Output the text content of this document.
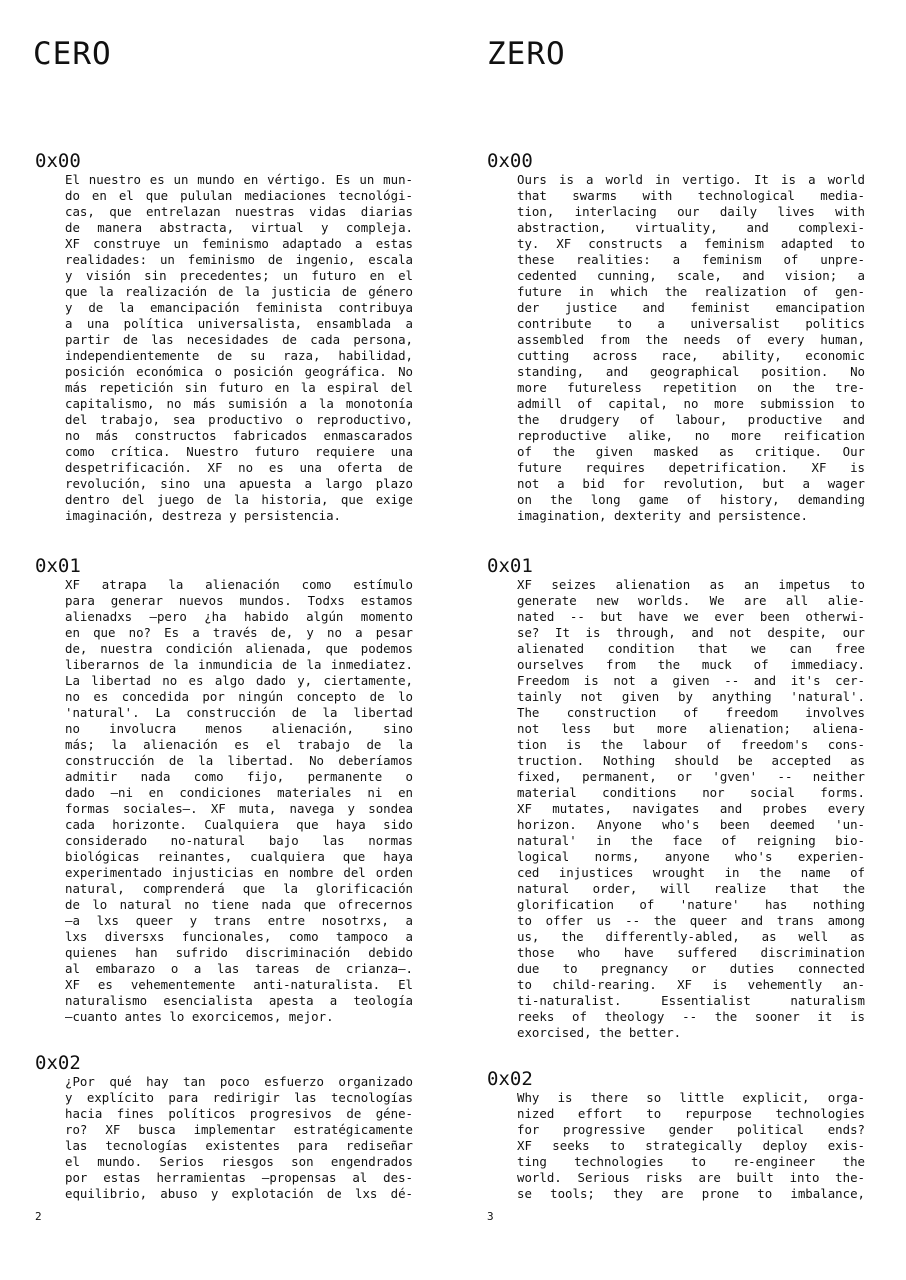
CERO
0x00
El nuestro es un mundo en vértigo. Es un mun-
do en el que pululan mediaciones tecnológi-
cas, que entrelazan nuestras vidas diarias
de manera abstracta, virtual y compleja.
XF construye un feminismo adaptado a estas
realidades: un feminismo de ingenio, escala
y visión sin precedentes; un futuro en el
que la realización de la justicia de género
y de la emancipación feminista contribuya
a una política universalista, ensamblada a
partir de las necesidades de cada persona,
independientemente de su raza, habilidad,
posición económica o posición geográfica. No
más repetición sin futuro en la espiral del
capitalismo, no más sumisión a la monotonía
del trabajo, sea productivo o reproductivo,
no más constructos fabricados enmascarados
como crítica. Nuestro futuro requiere una
despetrificación. XF no es una oferta de
revolución, sino una apuesta a largo plazo
dentro del juego de la historia, que exige
imaginación, destreza y persistencia.
0x01
XF atrapa la alienación como estímulo
para generar nuevos mundos. Todxs estamos
alienadxs —pero ¿ha habido algún momento
en que no? Es a través de, y no a pesar
de, nuestra condición alienada, que podemos
liberarnos de la inmundicia de la inmediatez.
La libertad no es algo dado y, ciertamente,
no es concedida por ningún concepto de lo
'natural'. La construcción de la libertad
no involucra menos alienación, sino
más; la alienación es el trabajo de la
construcción de la libertad. No deberíamos
admitir nada como fijo, permanente o
dado —ni en condiciones materiales ni en
formas sociales—. XF muta, navega y sondea
cada horizonte. Cualquiera que haya sido
considerado no-natural bajo las normas
biológicas reinantes, cualquiera que haya
experimentado injusticias en nombre del orden
natural, comprenderá que la glorificación
de lo natural no tiene nada que ofrecernos
—a lxs queer y trans entre nosotrxs, a
lxs diversxs funcionales, como tampoco a
quienes han sufrido discriminación debido
al embarazo o a las tareas de crianza—.
XF es vehementemente anti-naturalista. El
naturalismo esencialista apesta a teología
—cuanto antes lo exorcicemos, mejor.
0x02
¿Por qué hay tan poco esfuerzo organizado
y explícito para redirigir las tecnologías
hacia fines políticos progresivos de géne-
ro? XF busca implementar estratégicamente
las tecnologías existentes para rediseñar
el mundo. Serios riesgos son engendrados
por estas herramientas —propensas al des-
equilibrio, abuso y explotación de lxs dé-
2
ZERO
0x00
Ours is a world in vertigo. It is a world
that swarms with technological media-
tion, interlacing our daily lives with
abstraction, virtuality, and complexi-
ty. XF constructs a feminism adapted to
these realities: a feminism of unpre-
cedented cunning, scale, and vision; a
future in which the realization of gen-
der justice and feminist emancipation
contribute to a universalist politics
assembled from the needs of every human,
cutting across race, ability, economic
standing, and geographical position. No
more futureless repetition on the tre-
admill of capital, no more submission to
the drudgery of labour, productive and
reproductive alike, no more reification
of the given masked as critique. Our
future requires depetrification. XF is
not a bid for revolution, but a wager
on the long game of history, demanding
imagination, dexterity and persistence.
0x01
XF seizes alienation as an impetus to
generate new worlds. We are all alie-
nated -- but have we ever been otherwi-
se? It is through, and not despite, our
alienated condition that we can free
ourselves from the muck of immediacy.
Freedom is not a given -- and it's cer-
tainly not given by anything 'natural'.
The construction of freedom involves
not less but more alienation; aliena-
tion is the labour of freedom's cons-
truction. Nothing should be accepted as
fixed, permanent, or 'gven' -- neither
material conditions nor social forms.
XF mutates, navigates and probes every
horizon. Anyone who's been deemed 'un-
natural' in the face of reigning bio-
logical norms, anyone who's experien-
ced injustices wrought in the name of
natural order, will realize that the
glorification of 'nature' has nothing
to offer us -- the queer and trans among
us, the differently-abled, as well as
those who have suffered discrimination
due to pregnancy or duties connected
to child-rearing. XF is vehemently an-
ti-naturalist. Essentialist naturalism
reeks of theology -- the sooner it is
exorcised, the better.
0x02
Why is there so little explicit, orga-
nized effort to repurpose technologies
for progressive gender political ends?
XF seeks to strategically deploy exis-
ting technologies to re-engineer the
world. Serious risks are built into the-
se tools; they are prone to imbalance,
3
